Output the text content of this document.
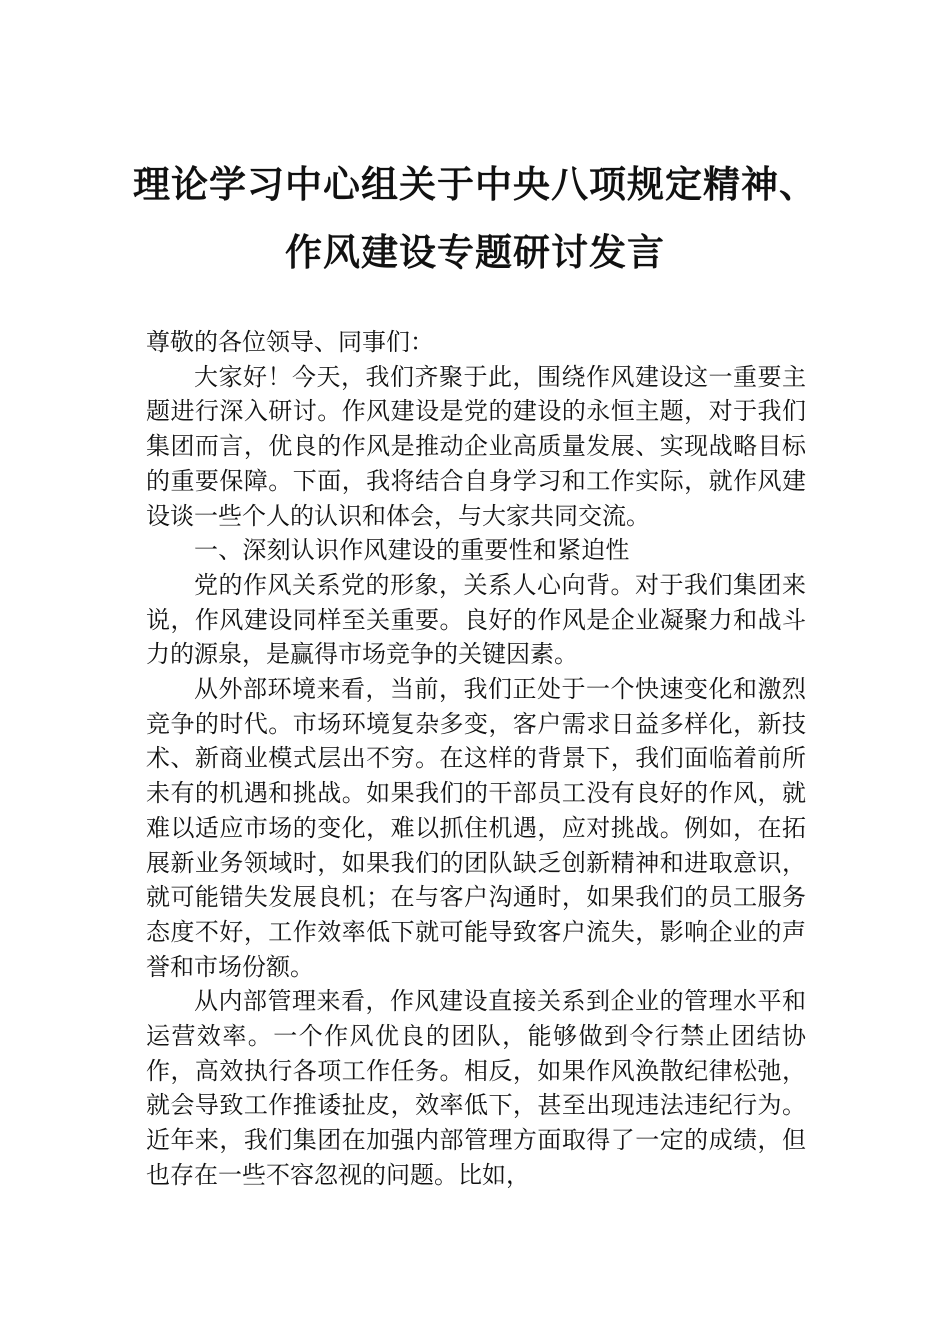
理论学习中心组关于中央八项规定精神、
作风建设专题研讨发言

尊敬的各位领导、同事们：

大家好！今天，我们齐聚于此，围绕作风建设这一重要主题进行深入研讨。作风建设是党的建设的永恒主题，对于我们集团而言，优良的作风是推动企业高质量发展、实现战略目标的重要保障。下面，我将结合自身学习和工作实际，就作风建设谈一些个人的认识和体会，与大家共同交流。

一、深刻认识作风建设的重要性和紧迫性

党的作风关系党的形象，关系人心向背。对于我们集团来说，作风建设同样至关重要。良好的作风是企业凝聚力和战斗力的源泉，是赢得市场竞争的关键因素。

从外部环境来看，当前，我们正处于一个快速变化和激烈竞争的时代。市场环境复杂多变，客户需求日益多样化，新技术、新商业模式层出不穷。在这样的背景下，我们面临着前所未有的机遇和挑战。如果我们的干部员工没有良好的作风，就难以适应市场的变化，难以抓住机遇，应对挑战。例如，在拓展新业务领域时，如果我们的团队缺乏创新精神和进取意识，就可能错失发展良机；在与客户沟通时，如果我们的员工服务态度不好，工作效率低下就可能导致客户流失，影响企业的声誉和市场份额。

从内部管理来看，作风建设直接关系到企业的管理水平和运营效率。一个作风优良的团队，能够做到令行禁止团结协作，高效执行各项工作任务。相反，如果作风涣散纪律松弛，就会导致工作推诿扯皮，效率低下，甚至出现违法违纪行为。近年来，我们集团在加强内部管理方面取得了一定的成绩，但也存在一些不容忽视的问题。比如，
